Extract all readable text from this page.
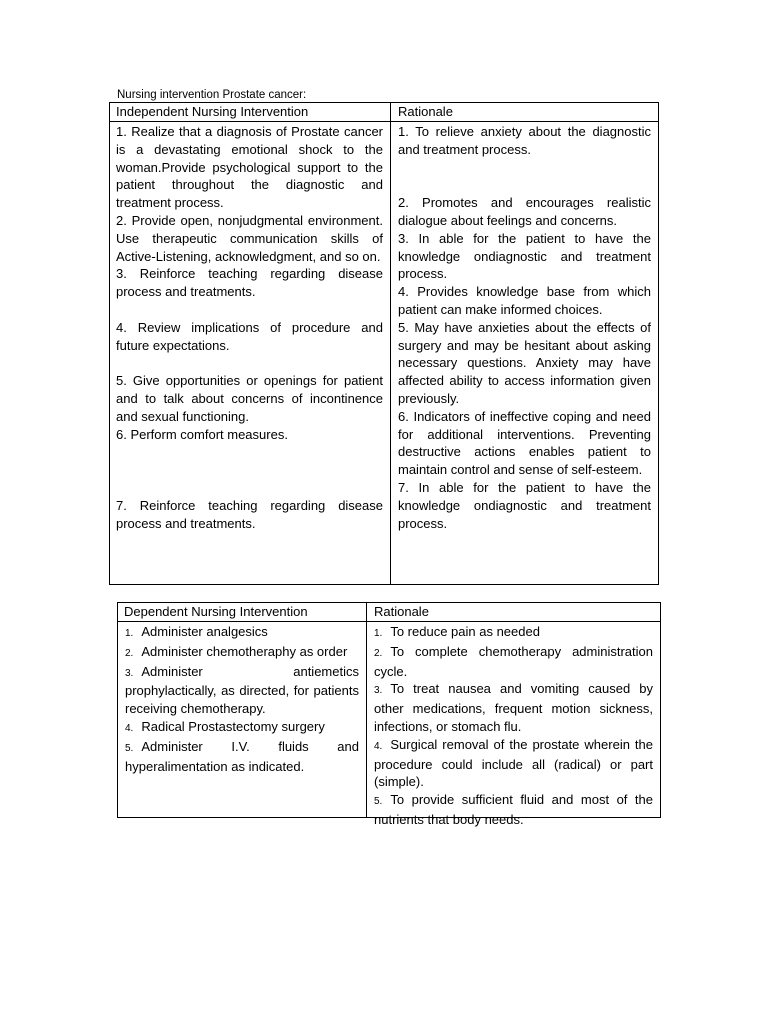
Nursing intervention Prostate cancer:
Independent Nursing Intervention	Rationale

1. Realize that a diagnosis of Prostate cancer is a devastating emotional shock to the woman.Provide psychological support to the patient throughout the diagnostic and treatment process.

2. Provide open, nonjudgmental environment. Use therapeutic communication skills of Active-Listening, acknowledgment, and so on.

3. Reinforce teaching regarding disease process and treatments.

4. Review implications of procedure and future expectations.

5. Give opportunities or openings for patient and to talk about concerns of incontinence and sexual functioning.

6. Perform comfort measures.

7. Reinforce teaching regarding disease process and treatments.

1. To relieve anxiety about the diagnostic and treatment process.

2. Promotes and encourages realistic dialogue about feelings and concerns.

3. In able for the patient to have the knowledge ondiagnostic and treatment process.

4. Provides knowledge base from which patient can make informed choices.

5. May have anxieties about the effects of surgery and may be hesitant about asking necessary questions. Anxiety may have affected ability to access information given previously.

6. Indicators of ineffective coping and need for additional interventions. Preventing destructive actions enables patient to maintain control and sense of self-esteem.

7. In able for the patient to have the knowledge ondiagnostic and treatment process.

Dependent Nursing Intervention	Rationale

1. Administer analgesics

2. Administer chemotheraphy as order

3. Administer antiemetics prophylactically, as directed, for patients receiving chemotherapy.

4. Radical Prostastectomy surgery

5. Administer I.V. fluids and hyperalimentation as indicated.

1. To reduce pain as needed

2. To complete chemotherapy administration cycle.

3. To treat nausea and vomiting caused by other medications, frequent motion sickness, infections, or stomach flu.

4. Surgical removal of the prostate wherein the procedure could include all (radical) or part (simple).

5. To provide sufficient fluid and most of the nutrients that body needs.
